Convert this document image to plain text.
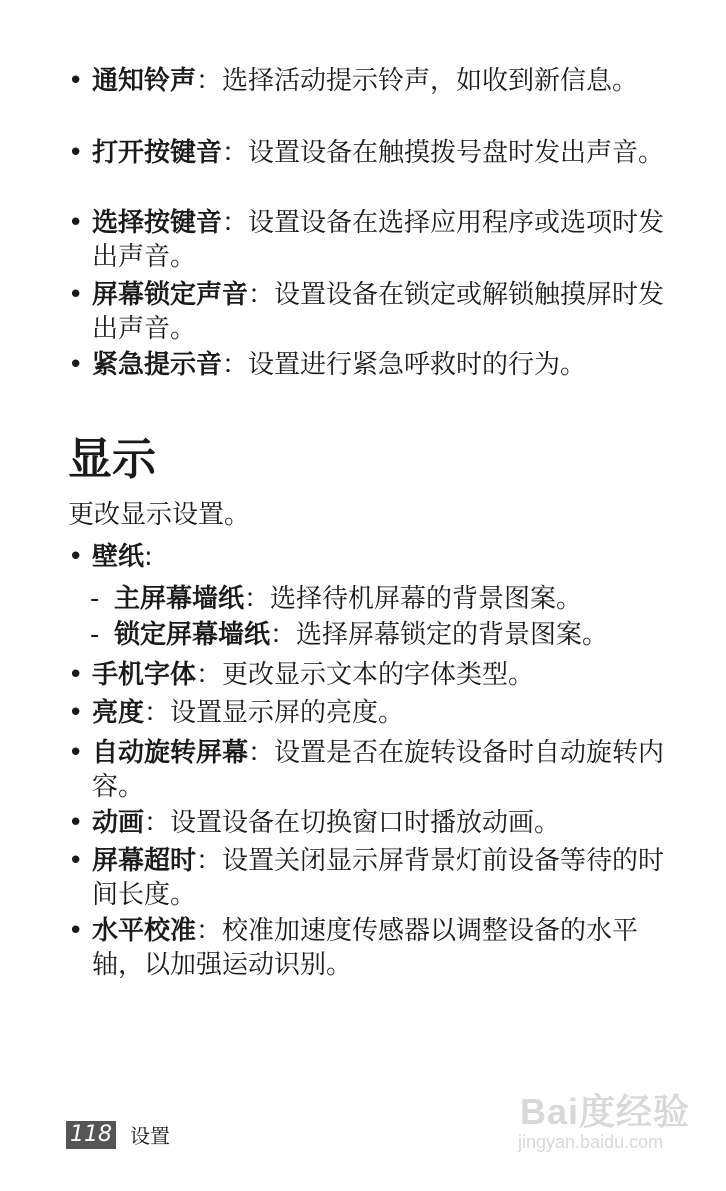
• 通知铃声：选择活动提示铃声，如收到新信息。
• 打开按键音：设置设备在触摸拨号盘时发出声音。
• 选择按键音：设置设备在选择应用程序或选项时发出声音。
• 屏幕锁定声音：设置设备在锁定或解锁触摸屏时发出声音。
• 紧急提示音：设置进行紧急呼救时的行为。
显示
更改显示设置。
• 壁纸:
- 主屏幕墙纸：选择待机屏幕的背景图案。
- 锁定屏幕墙纸：选择屏幕锁定的背景图案。
• 手机字体：更改显示文本的字体类型。
• 亮度：设置显示屏的亮度。
• 自动旋转屏幕：设置是否在旋转设备时自动旋转内容。
• 动画：设置设备在切换窗口时播放动画。
• 屏幕超时：设置关闭显示屏背景灯前设备等待的时间长度。
• 水平校准：校准加速度传感器以调整设备的水平轴，以加强运动识别。
118 设置
Bai度经验
jingyan.baidu.com
